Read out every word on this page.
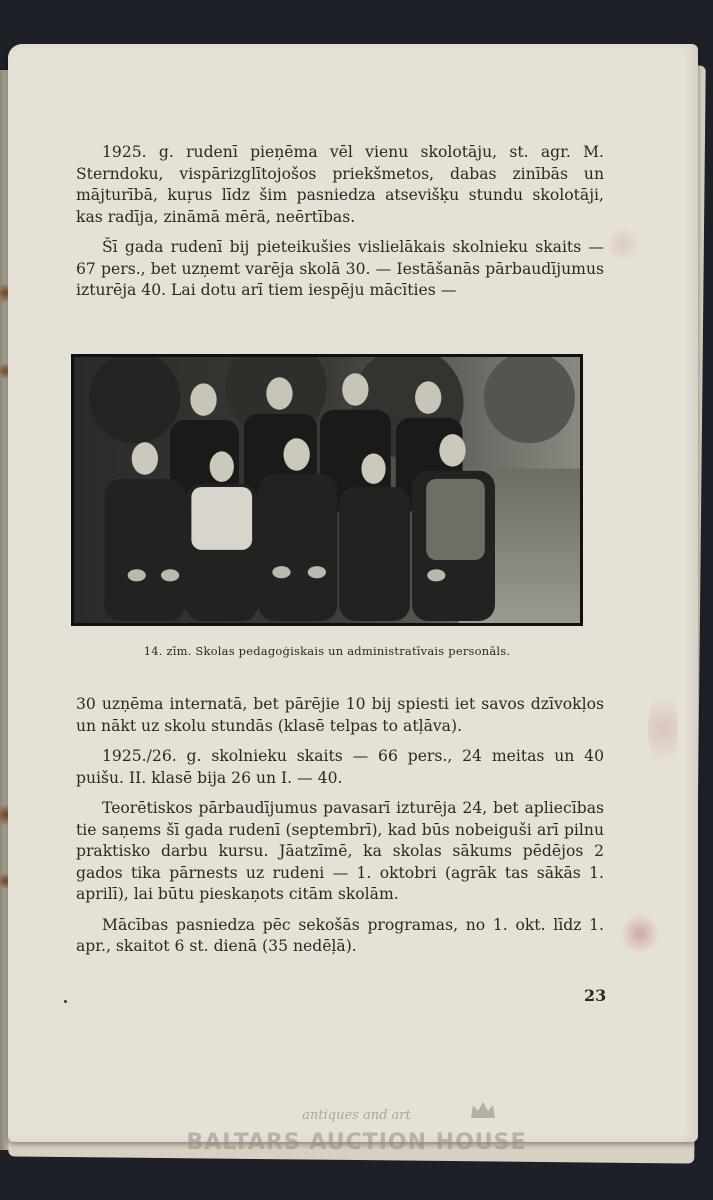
1925. g. rudenī pieņēma vēl vienu skolotāju, st. agr. M. Sterndoku, vispārizglītojošos priekšmetos, dabas zinībās un mājturībā, kuŗus līdz šim pasniedza atsevišķu stundu skolotāji, kas radīja, zināmā mērā, neērtības.

Šī gada rudenī bij pieteikušies vislielākais skolnieku skaits — 67 pers., bet uzņemt varēja skolā 30. — Iestāšanās pārbaudījumus izturēja 40. Lai dotu arī tiem iespēju mācīties —

14. zīm. Skolas pedagoģiskais un administratīvais personāls.

30 uzņēma internatā, bet pārējie 10 bij spiesti iet savos dzīvokļos un nākt uz skolu stundās (klasē telpas to atļāva).

1925./26. g. skolnieku skaits — 66 pers., 24 meitas un 40 puišu. II. klasē bija 26 un I. — 40.

Teorētiskos pārbaudījumus pavasarī izturēja 24, bet apliecības tie saņems šī gada rudenī (septembrī), kad būs nobeiguši arī pilnu praktisko darbu kursu. Jāatzīmē, ka skolas sākums pēdējos 2 gados tika pārnests uz rudeni — 1. oktobri (agrāk tas sākās 1. aprilī), lai būtu pieskaņots citām skolām.

Mācības pasniedza pēc sekošās programas, no 1. okt. līdz 1. apr., skaitot 6 st. dienā (35 nedēļā).

23
antiques and art
BALTARS AUCTION HOUSE
